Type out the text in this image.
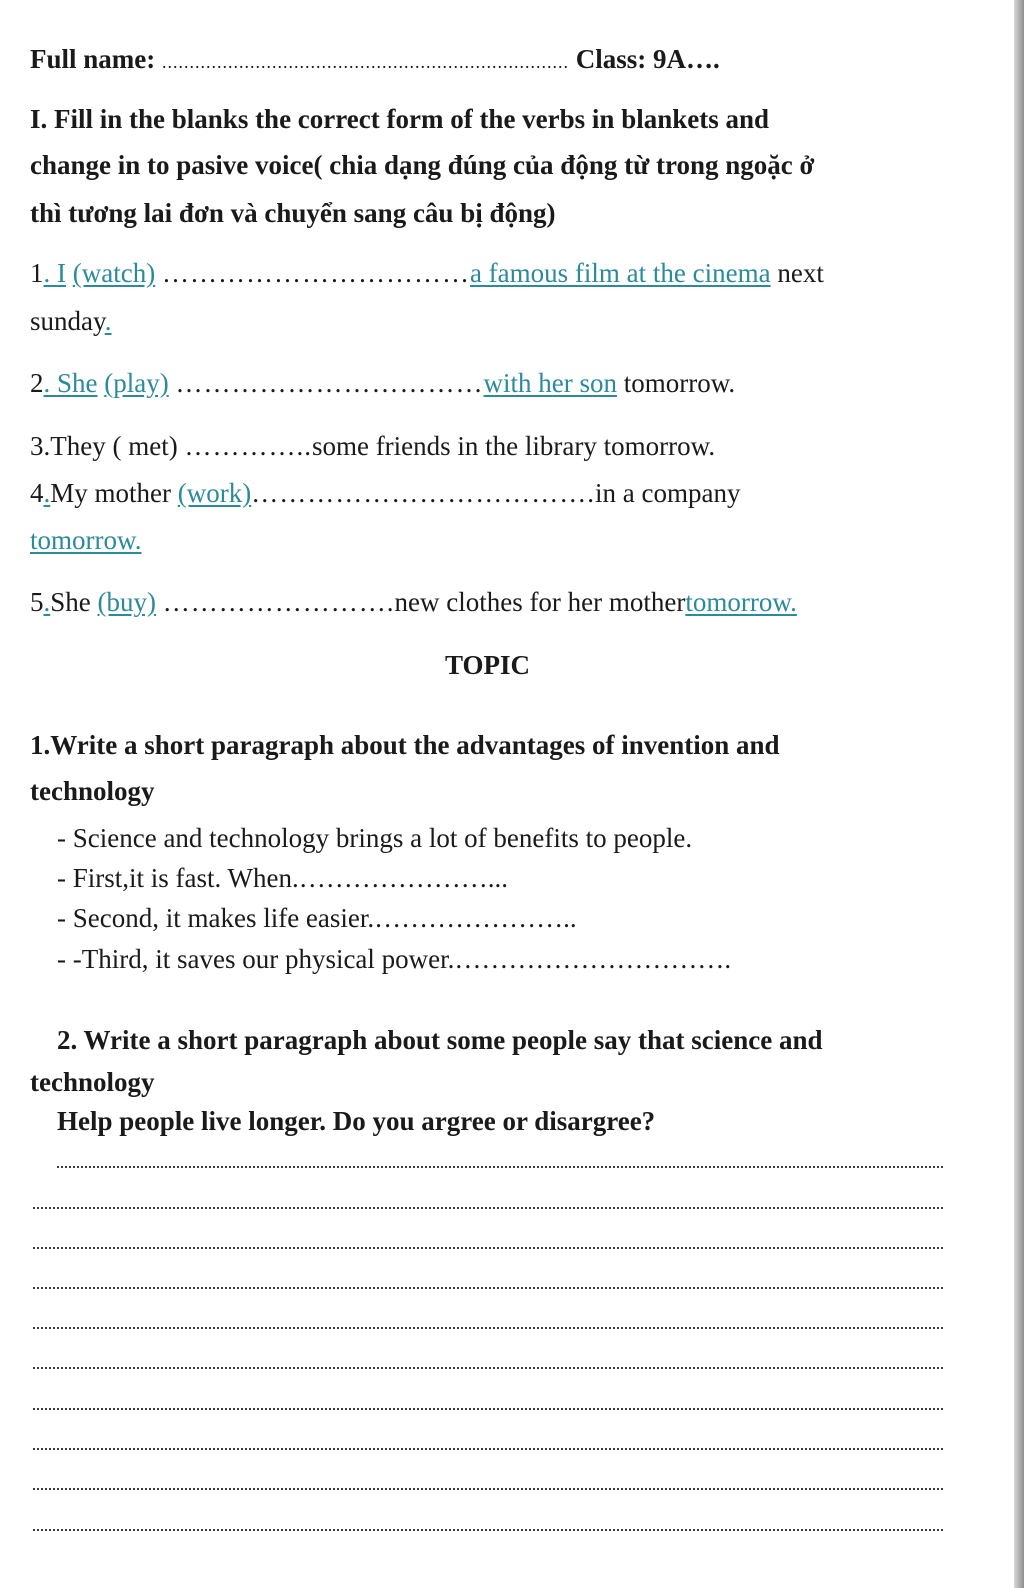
Full name: .......................................................................... Class: 9A….
I. Fill in the blanks the correct form of the verbs in blankets and
change in to pasive voice( chia dạng đúng của động từ trong ngoặc ở
thì tương lai đơn và chuyển sang câu bị động)
1. I (watch) ……………………………a famous film at the cinema next
sunday.
2. She (play) ……………………………with her son tomorrow.
3.They ( met) …………..some friends in the library tomorrow.
4.My mother (work)……………………………….in a company
tomorrow.
5.She (buy) …………………….new clothes for her mothertomorrow.
TOPIC
1.Write a short paragraph about the advantages of invention and
technology
- Science and technology brings a lot of benefits to people.
- First,it is fast. When.…………………...
- Second, it makes life easier.…………………..
- -Third, it saves our physical power.………………………….
2. Write a short paragraph about some people say that science and
technology
Help people live longer. Do you argree or disargree?
